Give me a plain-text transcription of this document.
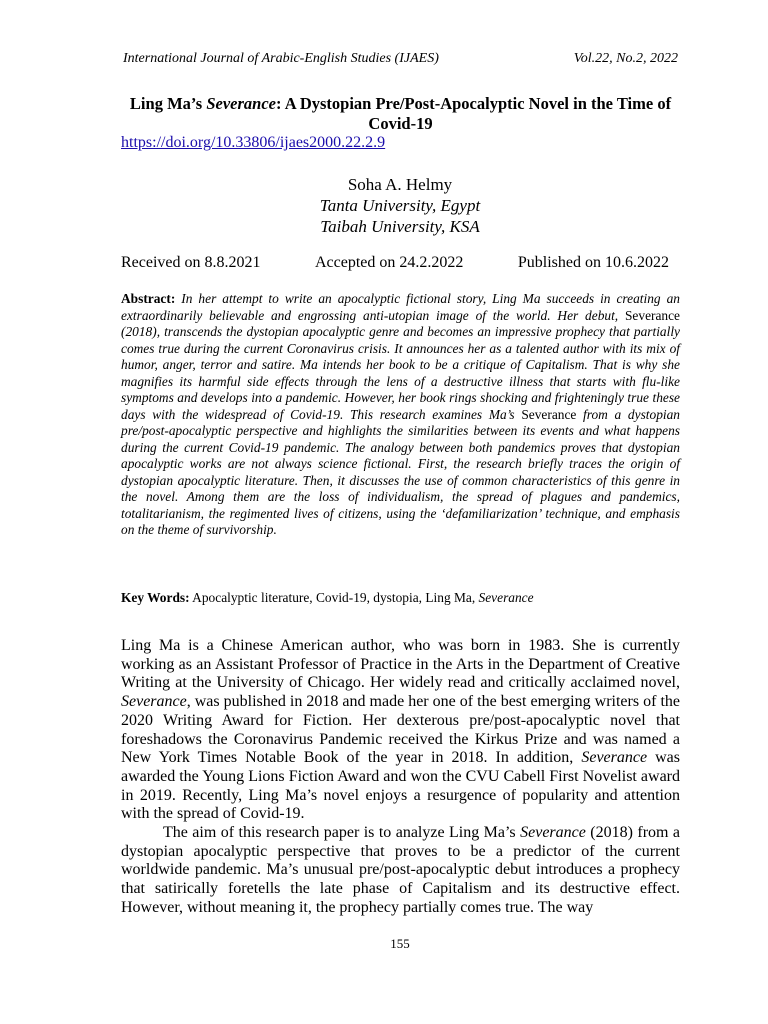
International Journal of Arabic-English Studies (IJAES)	Vol.22, No.2, 2022
Ling Ma’s Severance: A Dystopian Pre/Post-Apocalyptic Novel in the Time of Covid-19
https://doi.org/10.33806/ijaes2000.22.2.9
Soha A. Helmy
Tanta University, Egypt
Taibah University, KSA
Received on 8.8.2021	Accepted on 24.2.2022	Published on 10.6.2022
Abstract: In her attempt to write an apocalyptic fictional story, Ling Ma succeeds in creating an extraordinarily believable and engrossing anti-utopian image of the world. Her debut, Severance (2018), transcends the dystopian apocalyptic genre and becomes an impressive prophecy that partially comes true during the current Coronavirus crisis. It announces her as a talented author with its mix of humor, anger, terror and satire. Ma intends her book to be a critique of Capitalism. That is why she magnifies its harmful side effects through the lens of a destructive illness that starts with flu-like symptoms and develops into a pandemic. However, her book rings shocking and frighteningly true these days with the widespread of Covid-19. This research examines Ma’s Severance from a dystopian pre/post-apocalyptic perspective and highlights the similarities between its events and what happens during the current Covid-19 pandemic. The analogy between both pandemics proves that dystopian apocalyptic works are not always science fictional. First, the research briefly traces the origin of dystopian apocalyptic literature. Then, it discusses the use of common characteristics of this genre in the novel. Among them are the loss of individualism, the spread of plagues and pandemics, totalitarianism, the regimented lives of citizens, using the ‘defamiliarization’ technique, and emphasis on the theme of survivorship.
Key Words: Apocalyptic literature, Covid-19, dystopia, Ling Ma, Severance

Ling Ma is a Chinese American author, who was born in 1983. She is currently working as an Assistant Professor of Practice in the Arts in the Department of Creative Writing at the University of Chicago. Her widely read and critically acclaimed novel, Severance, was published in 2018 and made her one of the best emerging writers of the 2020 Writing Award for Fiction. Her dexterous pre/post-apocalyptic novel that foreshadows the Coronavirus Pandemic received the Kirkus Prize and was named a New York Times Notable Book of the year in 2018. In addition, Severance was awarded the Young Lions Fiction Award and won the CVU Cabell First Novelist award in 2019. Recently, Ling Ma’s novel enjoys a resurgence of popularity and attention with the spread of Covid-19.

The aim of this research paper is to analyze Ling Ma’s Severance (2018) from a dystopian apocalyptic perspective that proves to be a predictor of the current worldwide pandemic. Ma’s unusual pre/post-apocalyptic debut introduces a prophecy that satirically foretells the late phase of Capitalism and its destructive effect. However, without meaning it, the prophecy partially comes true. The way

155
